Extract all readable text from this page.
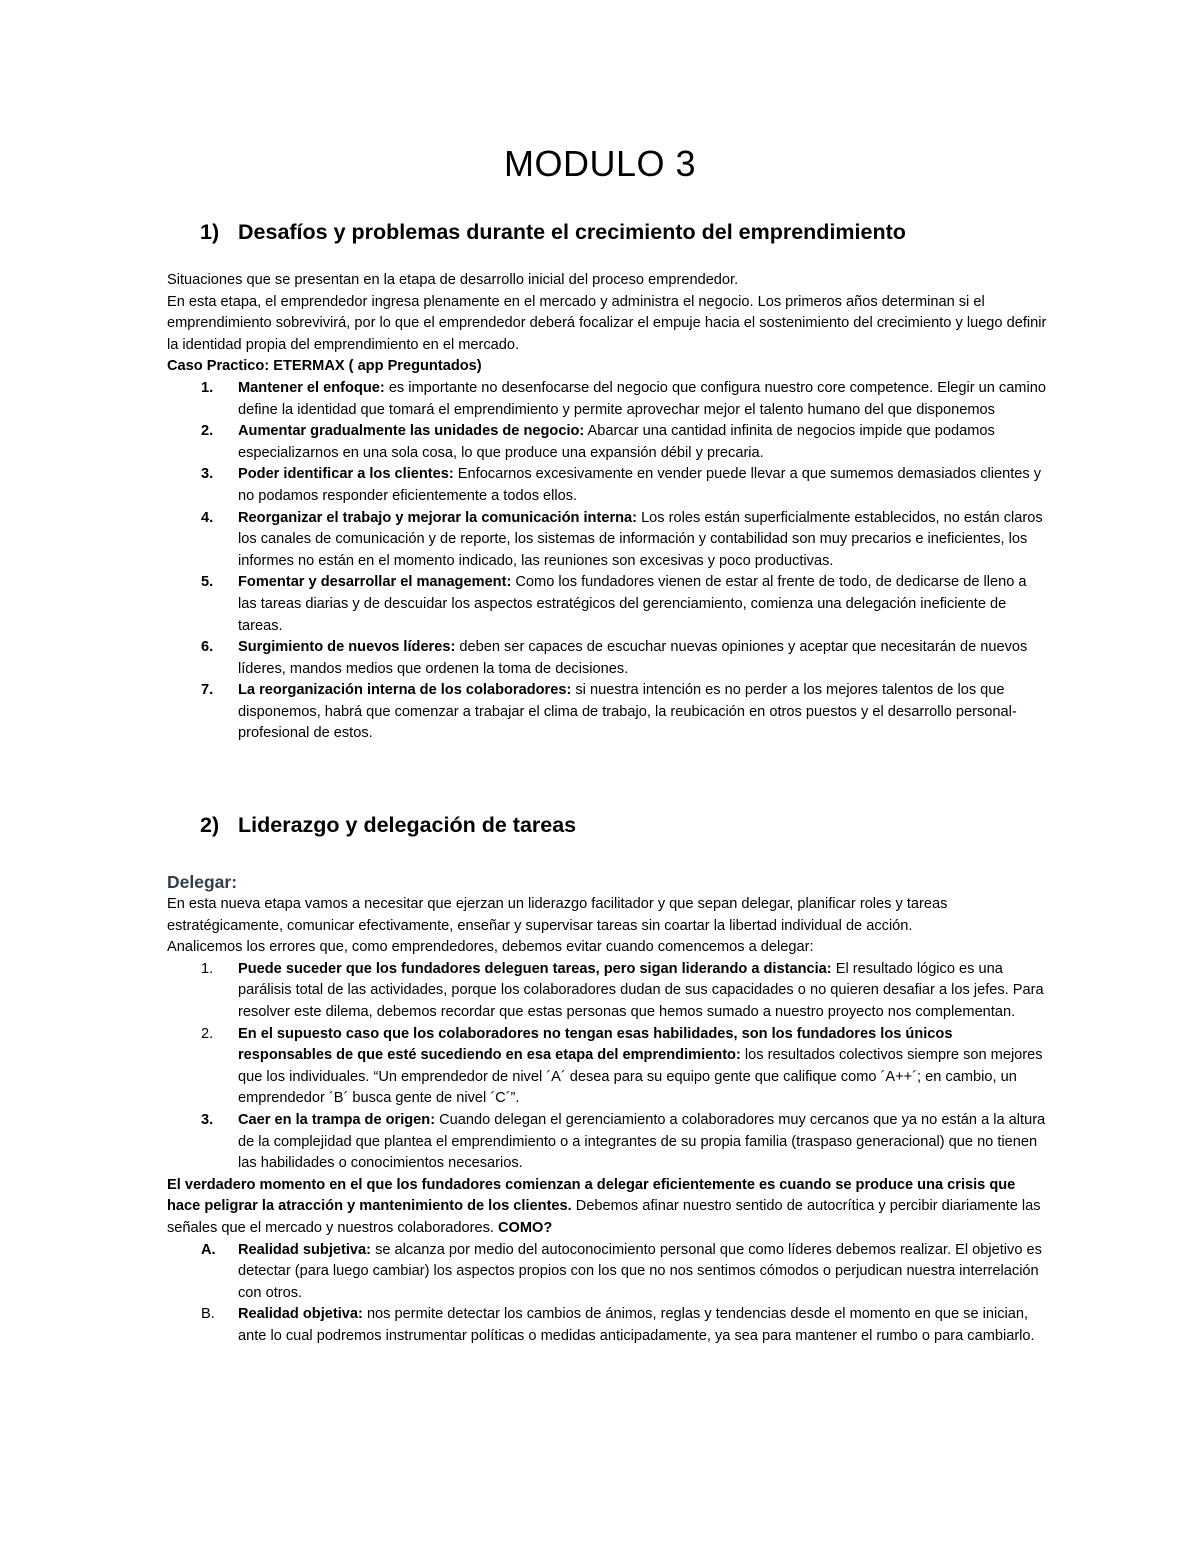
MODULO 3
1) Desafíos y problemas durante el crecimiento del emprendimiento

Situaciones que se presentan en la etapa de desarrollo inicial del proceso emprendedor.

En esta etapa, el emprendedor ingresa plenamente en el mercado y administra el negocio. Los primeros años determinan si el emprendimiento sobrevivirá, por lo que el emprendedor deberá focalizar el empuje hacia el sostenimiento del crecimiento y luego definir la identidad propia del emprendimiento en el mercado.

Caso Practico: ETERMAX ( app Preguntados)

1. Mantener el enfoque: es importante no desenfocarse del negocio que configura nuestro core competence. Elegir un camino define la identidad que tomará el emprendimiento y permite aprovechar mejor el talento humano del que disponemos
2. Aumentar gradualmente las unidades de negocio: Abarcar una cantidad infinita de negocios impide que podamos especializarnos en una sola cosa, lo que produce una expansión débil y precaria.
3. Poder identificar a los clientes: Enfocarnos excesivamente en vender puede llevar a que sumemos demasiados clientes y no podamos responder eficientemente a todos ellos.
4. Reorganizar el trabajo y mejorar la comunicación interna: Los roles están superficialmente establecidos, no están claros los canales de comunicación y de reporte, los sistemas de información y contabilidad son muy precarios e ineficientes, los informes no están en el momento indicado, las reuniones son excesivas y poco productivas.
5. Fomentar y desarrollar el management: Como los fundadores vienen de estar al frente de todo, de dedicarse de lleno a las tareas diarias y de descuidar los aspectos estratégicos del gerenciamiento, comienza una delegación ineficiente de tareas.
6. Surgimiento de nuevos líderes: deben ser capaces de escuchar nuevas opiniones y aceptar que necesitarán de nuevos líderes, mandos medios que ordenen la toma de decisiones.
7. La reorganización interna de los colaboradores: si nuestra intención es no perder a los mejores talentos de los que disponemos, habrá que comenzar a trabajar el clima de trabajo, la reubicación en otros puestos y el desarrollo personal-profesional de estos.
2) Liderazgo y delegación de tareas

Delegar:

En esta nueva etapa vamos a necesitar que ejerzan un liderazgo facilitador y que sepan delegar, planificar roles y tareas estratégicamente, comunicar efectivamente, enseñar y supervisar tareas sin coartar la libertad individual de acción.

Analicemos los errores que, como emprendedores, debemos evitar cuando comencemos a delegar:

1. Puede suceder que los fundadores deleguen tareas, pero sigan liderando a distancia: El resultado lógico es una parálisis total de las actividades, porque los colaboradores dudan de sus capacidades o no quieren desafiar a los jefes. Para resolver este dilema, debemos recordar que estas personas que hemos sumado a nuestro proyecto nos complementan.
2. En el supuesto caso que los colaboradores no tengan esas habilidades, son los fundadores los únicos responsables de que esté sucediendo en esa etapa del emprendimiento: los resultados colectivos siempre son mejores que los individuales. “Un emprendedor de nivel ´A´ desea para su equipo gente que califique como ´A++´; en cambio, un emprendedor ´B´ busca gente de nivel ´C´”.
3. Caer en la trampa de origen: Cuando delegan el gerenciamiento a colaboradores muy cercanos que ya no están a la altura de la complejidad que plantea el emprendimiento o a integrantes de su propia familia (traspaso generacional) que no tienen las habilidades o conocimientos necesarios.

El verdadero momento en el que los fundadores comienzan a delegar eficientemente es cuando se produce una crisis que hace peligrar la atracción y mantenimiento de los clientes. Debemos afinar nuestro sentido de autocrítica y percibir diariamente las señales que el mercado y nuestros colaboradores. COMO?

A. Realidad subjetiva: se alcanza por medio del autoconocimiento personal que como líderes debemos realizar. El objetivo es detectar (para luego cambiar) los aspectos propios con los que no nos sentimos cómodos o perjudican nuestra interrelación con otros.
B. Realidad objetiva: nos permite detectar los cambios de ánimos, reglas y tendencias desde el momento en que se inician, ante lo cual podremos instrumentar políticas o medidas anticipadamente, ya sea para mantener el rumbo o para cambiarlo.
